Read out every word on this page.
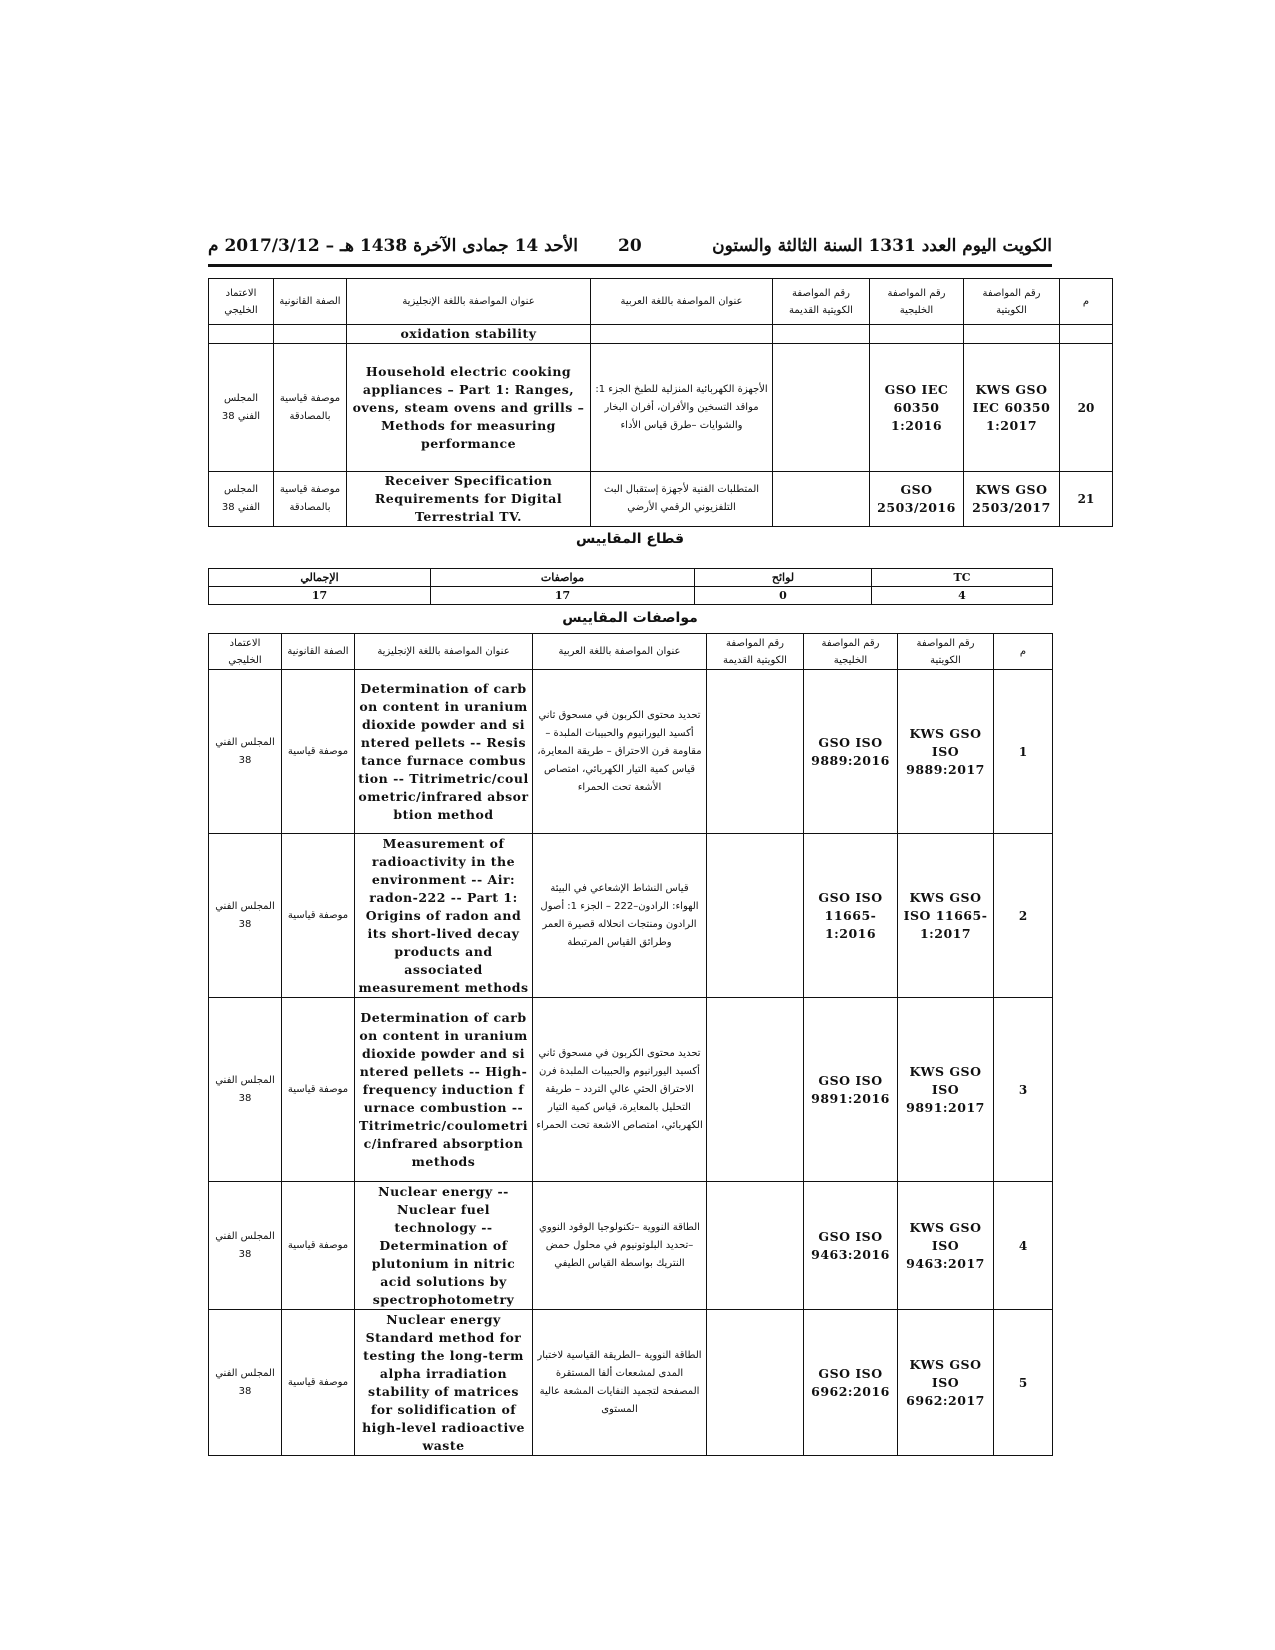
الكويت اليوم العدد 1331 السنة الثالثة والستون
20
الأحد 14 جمادى الآخرة 1438 هـ – 2017/3/12 م
الاعتماد الخليجي	الصفة القانونية	عنوان المواصفة باللغة الإنجليزية	عنوان المواصفة باللغة العربية	رقم المواصفة الكويتية القديمة	رقم المواصفة الخليجية	رقم المواصفة الكويتية	م
		oxidation stability					
المجلس الفني 38	موصفة قياسية بالمصادقة	Household electric cooking appliances – Part 1: Ranges, ovens, steam ovens and grills – Methods for measuring performance	الأجهزة الكهربائية المنزلية للطبخ الجزء 1: مواقد التسخين والأفران، أفران البخار والشوايات –طرق قياس الأداء		GSO IEC 60350 1:2016	KWS GSO IEC 60350 1:2017	20
المجلس الفني 38	موصفة قياسية بالمصادقة	Receiver Specification Requirements for Digital Terrestrial TV.	المتطلبات الفنية لأجهزة إستقبال البث التلفزيوني الرقمي الأرضي		GSO 2503/2016	KWS GSO 2503/2017	21
قطاع المقاييس
الإجمالي	مواصفات	لوائح	TC
17	17	0	4
مواصفات المقاييس
الاعتماد الخليجي	الصفة القانونية	عنوان المواصفة باللغة الإنجليزية	عنوان المواصفة باللغة العربية	رقم المواصفة الكويتية القديمة	رقم المواصفة الخليجية	رقم المواصفة الكويتية	م
المجلس الفني 38	موصفة قياسية	Determination of carbon content in uranium dioxide powder and sintered pellets -- Resistance furnace combustion -- Titrimetric/coulometric/infrared absorbtion method	تحديد محتوى الكربون في مسحوق ثاني أكسيد اليورانيوم والحبيبات الملبدة – مقاومة فرن الاحتراق – طريقة المعايرة، قياس كمية التيار الكهربائي، امتصاص الأشعة تحت الحمراء		GSO ISO 9889:2016	KWS GSO ISO 9889:2017	1
المجلس الفني 38	موصفة قياسية	Measurement of radioactivity in the environment -- Air: radon-222 -- Part 1: Origins of radon and its short-lived decay products and associated measurement methods	قياس النشاط الإشعاعي في البيئة الهواء: الرادون–222 – الجزء 1: أصول الرادون ومنتجات انحلاله قصيرة العمر وطرائق القياس المرتبطة		GSO ISO 11665-1:2016	KWS GSO ISO 11665-1:2017	2
المجلس الفني 38	موصفة قياسية	Determination of carbon content in uranium dioxide powder and sintered pellets -- High-frequency induction furnace combustion -- Titrimetric/coulometric/infrared absorption methods	تحديد محتوى الكربون في مسحوق ثاني أكسيد اليورانيوم والحبيبات الملبدة فرن الاحتراق الحثي عالي التردد – طريقة التحليل بالمعايرة، قياس كمية التيار الكهربائي، امتصاص الاشعة تحت الحمراء		GSO ISO 9891:2016	KWS GSO ISO 9891:2017	3
المجلس الفني 38	موصفة قياسية	Nuclear energy -- Nuclear fuel technology -- Determination of plutonium in nitric acid solutions by spectrophotometry	الطاقة النووية –تكنولوجيا الوقود النووي –تحديد البلوتونيوم في محلول حمض النتريك بواسطة القياس الطيفي		GSO ISO 9463:2016	KWS GSO ISO 9463:2017	4
المجلس الفني 38	موصفة قياسية	Nuclear energy Standard method for testing the long-term alpha irradiation stability of matrices for solidification of high-level radioactive waste	الطاقة النووية –الطريقة القياسية لاختبار المدى لمشععات ألفا المستقرة المصفحة لتجميد النفايات المشعة عالية المستوى		GSO ISO 6962:2016	KWS GSO ISO 6962:2017	5
